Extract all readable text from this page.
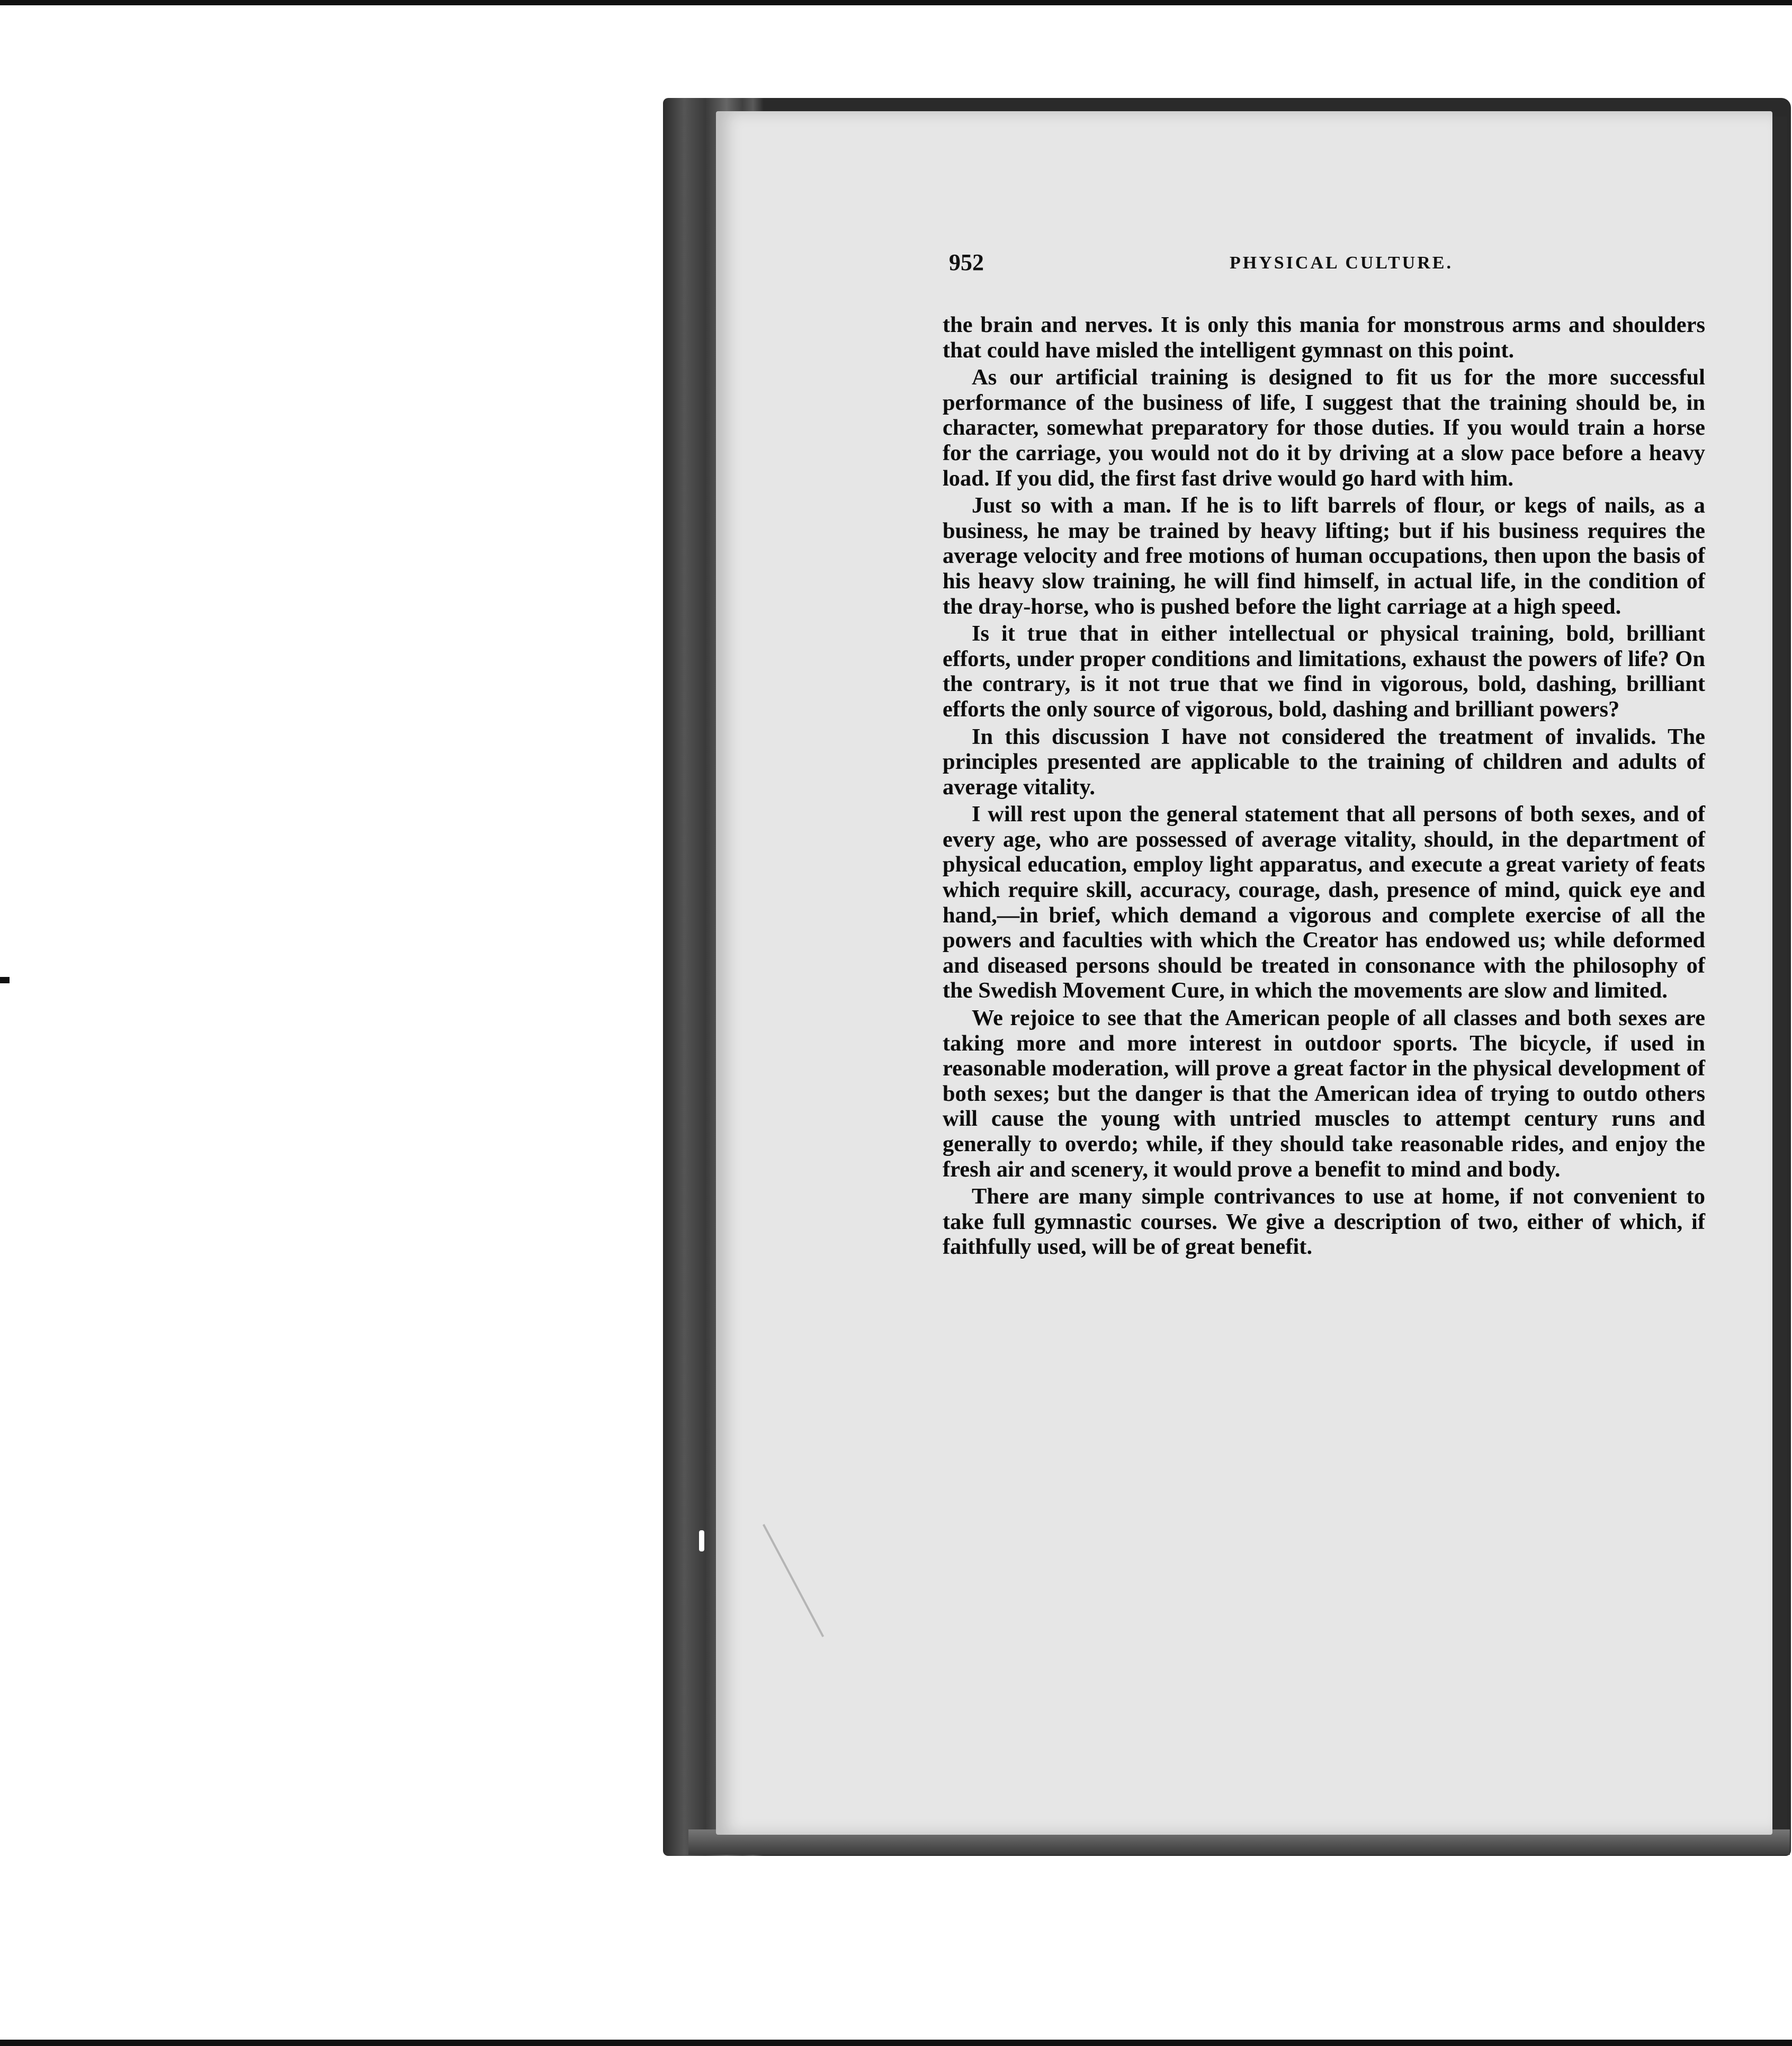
952	PHYSICAL CULTURE.

the brain and nerves. It is only this mania for monstrous arms and shoulders that could have misled the intelligent gymnast on this point.

As our artificial training is designed to fit us for the more successful performance of the business of life, I suggest that the training should be, in character, somewhat preparatory for those duties. If you would train a horse for the carriage, you would not do it by driving at a slow pace before a heavy load. If you did, the first fast drive would go hard with him.

Just so with a man. If he is to lift barrels of flour, or kegs of nails, as a business, he may be trained by heavy lifting; but if his business requires the average velocity and free motions of human occupations, then upon the basis of his heavy slow training, he will find himself, in actual life, in the condition of the dray-horse, who is pushed before the light carriage at a high speed.

Is it true that in either intellectual or physical training, bold, brilliant efforts, under proper conditions and limitations, exhaust the powers of life? On the contrary, is it not true that we find in vigorous, bold, dashing, brilliant efforts the only source of vigorous, bold, dashing and brilliant powers?

In this discussion I have not considered the treatment of invalids. The principles presented are applicable to the training of children and adults of average vitality.

I will rest upon the general statement that all persons of both sexes, and of every age, who are possessed of average vitality, should, in the department of physical education, employ light apparatus, and execute a great variety of feats which require skill, accuracy, courage, dash, presence of mind, quick eye and hand,—in brief, which demand a vigorous and complete exercise of all the powers and faculties with which the Creator has endowed us; while deformed and diseased persons should be treated in consonance with the philosophy of the Swedish Movement Cure, in which the movements are slow and limited.

We rejoice to see that the American people of all classes and both sexes are taking more and more interest in outdoor sports. The bicycle, if used in reasonable moderation, will prove a great factor in the physical development of both sexes; but the danger is that the American idea of trying to outdo others will cause the young with untried muscles to attempt century runs and generally to overdo; while, if they should take reasonable rides, and enjoy the fresh air and scenery, it would prove a benefit to mind and body.

There are many simple contrivances to use at home, if not convenient to take full gymnastic courses. We give a description of two, either of which, if faithfully used, will be of great benefit.
